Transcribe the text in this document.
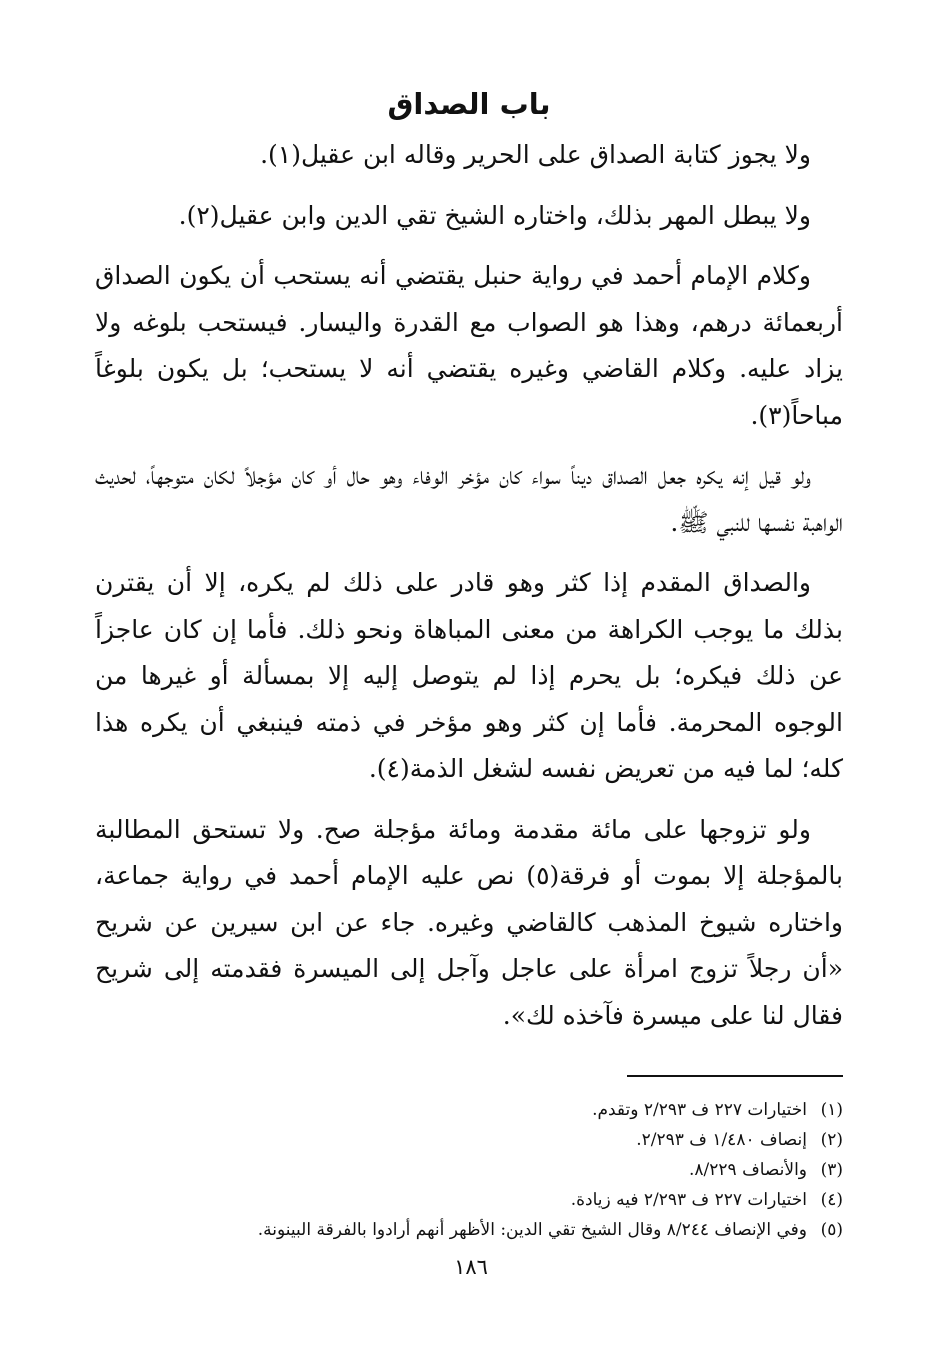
باب الصداق

ولا يجوز كتابة الصداق على الحرير وقاله ابن عقيل(١).

ولا يبطل المهر بذلك، واختاره الشيخ تقي الدين وابن عقيل(٢).

وكلام الإمام أحمد في رواية حنبل يقتضي أنه يستحب أن يكون الصداق أربعمائة درهم، وهذا هو الصواب مع القدرة واليسار. فيستحب بلوغه ولا يزاد عليه. وكلام القاضي وغيره يقتضي أنه لا يستحب؛ بل يكون بلوغاً مباحاً(٣).

ولو قيل إنه يكره جعل الصداق ديناً سواء كان مؤخر الوفاء وهو حال أو كان مؤجلاً لكان متوجهاً، لحديث الواهبة نفسها للنبي ﷺ.

والصداق المقدم إذا كثر وهو قادر على ذلك لم يكره، إلا أن يقترن بذلك ما يوجب الكراهة من معنى المباهاة ونحو ذلك. فأما إن كان عاجزاً عن ذلك فيكره؛ بل يحرم إذا لم يتوصل إليه إلا بمسألة أو غيرها من الوجوه المحرمة. فأما إن كثر وهو مؤخر في ذمته فينبغي أن يكره هذا كله؛ لما فيه من تعريض نفسه لشغل الذمة(٤).

ولو تزوجها على مائة مقدمة ومائة مؤجلة صح. ولا تستحق المطالبة بالمؤجلة إلا بموت أو فرقة(٥) نص عليه الإمام أحمد في رواية جماعة، واختاره شيوخ المذهب كالقاضي وغيره. جاء عن ابن سيرين عن شريح «أن رجلاً تزوج امرأة على عاجل وآجل إلى الميسرة فقدمته إلى شريح فقال لنا على ميسرة فآخذه لك».

(١)اختيارات ٢٢٧ ف ٢/٢٩٣ وتقدم.

(٢)إنصاف ١/٤٨٠ ف ٢/٢٩٣.

(٣)والأنصاف ٨/٢٢٩.

(٤)اختيارات ٢٢٧ ف ٢/٢٩٣ فيه زيادة.

(٥)وفي الإنصاف ٨/٢٤٤ وقال الشيخ تقي الدين: الأظهر أنهم أرادوا بالفرقة البينونة.

١٨٦
